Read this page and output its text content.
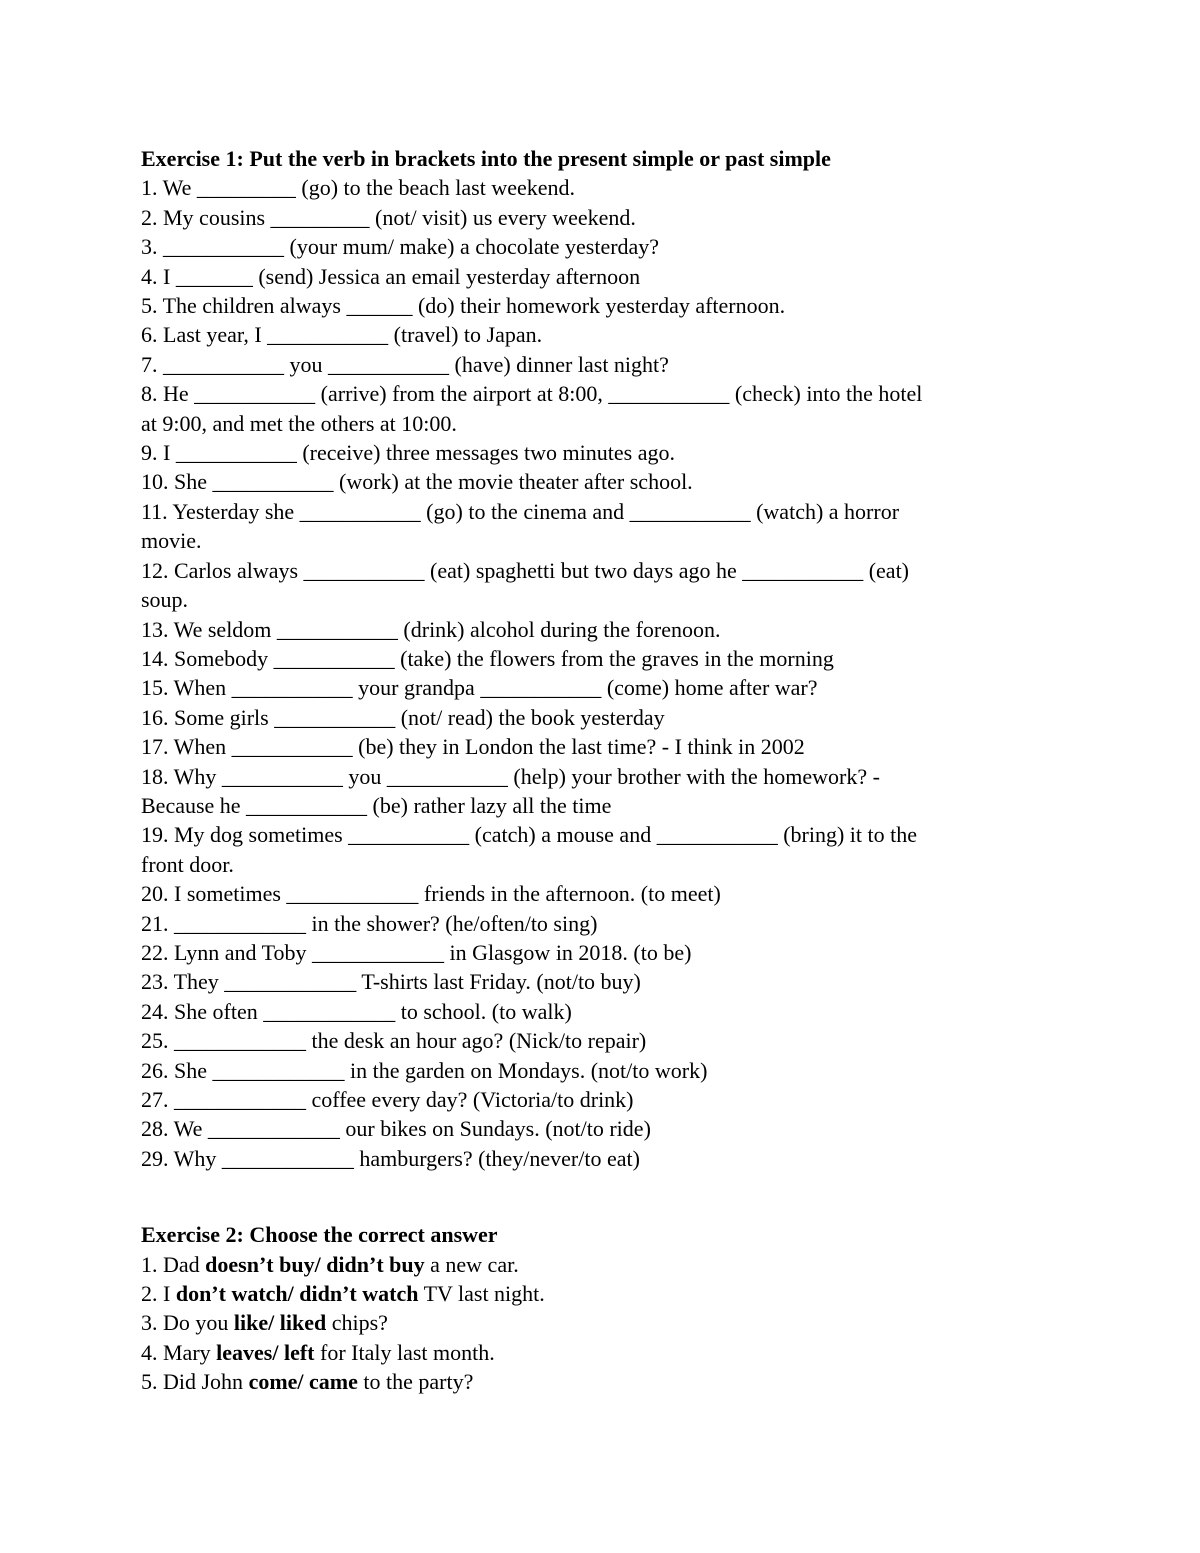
Exercise 1: Put the verb in brackets into the present simple or past simple
1. We _________ (go) to the beach last weekend.
2. My cousins _________ (not/ visit) us every weekend.
3. ___________ (your mum/ make) a chocolate yesterday?
4. I _______ (send) Jessica an email yesterday afternoon
5. The children always ______ (do) their homework yesterday afternoon.
6. Last year, I ___________ (travel) to Japan.
7. ___________ you ___________ (have) dinner last night?
8. He ___________ (arrive) from the airport at 8:00, ___________ (check) into the hotel
at 9:00, and met the others at 10:00.
9. I ___________ (receive) three messages two minutes ago.
10. She ___________ (work) at the movie theater after school.
11. Yesterday she ___________ (go) to the cinema and ___________ (watch) a horror
movie.
12. Carlos always ___________ (eat) spaghetti but two days ago he ___________ (eat)
soup.
13. We seldom ___________ (drink) alcohol during the forenoon.
14. Somebody ___________ (take) the flowers from the graves in the morning
15. When ___________ your grandpa ___________ (come) home after war?
16. Some girls ___________ (not/ read) the book yesterday
17. When ___________ (be) they in London the last time? - I think in 2002
18. Why ___________ you ___________ (help) your brother with the homework? -
Because he ___________ (be) rather lazy all the time
19. My dog sometimes ___________ (catch) a mouse and ___________ (bring) it to the
front door.
20. I sometimes ____________ friends in the afternoon. (to meet)
21. ____________ in the shower? (he/often/to sing)
22. Lynn and Toby ____________ in Glasgow in 2018. (to be)
23. They ____________ T-shirts last Friday. (not/to buy)
24. She often ____________ to school. (to walk)
25. ____________ the desk an hour ago? (Nick/to repair)
26. She ____________ in the garden on Mondays. (not/to work)
27. ____________ coffee every day? (Victoria/to drink)
28. We ____________ our bikes on Sundays. (not/to ride)
29. Why ____________ hamburgers? (they/never/to eat)
Exercise 2: Choose the correct answer
1. Dad doesn’t buy/ didn’t buy a new car.
2. I don’t watch/ didn’t watch TV last night.
3. Do you like/ liked chips?
4. Mary leaves/ left for Italy last month.
5. Did John come/ came to the party?
